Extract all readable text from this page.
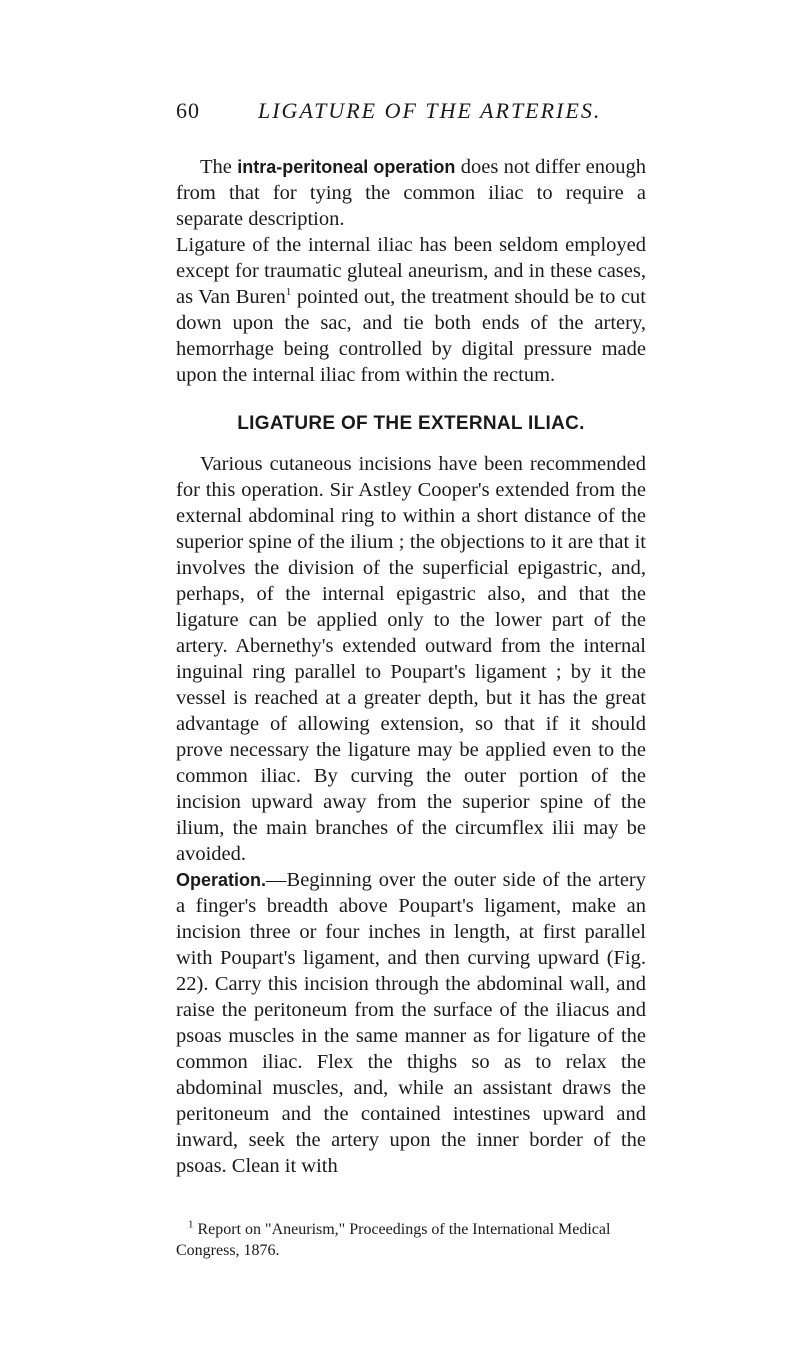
60	LIGATURE OF THE ARTERIES.

The intra-peritoneal operation does not differ enough from that for tying the common iliac to require a separate description.

Ligature of the internal iliac has been seldom employed except for traumatic gluteal aneurism, and in these cases, as Van Buren$^1$ pointed out, the treatment should be to cut down upon the sac, and tie both ends of the artery, hemorrhage being controlled by digital pressure made upon the internal iliac from within the rectum.

LIGATURE OF THE EXTERNAL ILIAC.

Various cutaneous incisions have been recommended for this operation. Sir Astley Cooper's extended from the external abdominal ring to within a short distance of the superior spine of the ilium ; the objections to it are that it involves the division of the superficial epigastric, and, perhaps, of the internal epigastric also, and that the ligature can be applied only to the lower part of the artery. Abernethy's extended outward from the internal inguinal ring parallel to Poupart's ligament ; by it the vessel is reached at a greater depth, but it has the great advantage of allowing extension, so that if it should prove necessary the ligature may be applied even to the common iliac. By curving the outer portion of the incision upward away from the superior spine of the ilium, the main branches of the circumflex ilii may be avoided.

Operation.—Beginning over the outer side of the artery a finger's breadth above Poupart's ligament, make an incision three or four inches in length, at first parallel with Poupart's ligament, and then curving upward (Fig. 22). Carry this incision through the abdominal wall, and raise the peritoneum from the surface of the iliacus and psoas muscles in the same manner as for ligature of the common iliac. Flex the thighs so as to relax the abdominal muscles, and, while an assistant draws the peritoneum and the contained intestines upward and inward, seek the artery upon the inner border of the psoas. Clean it with

$^1$ Report on "Aneurism," Proceedings of the International Medical Congress, 1876.
